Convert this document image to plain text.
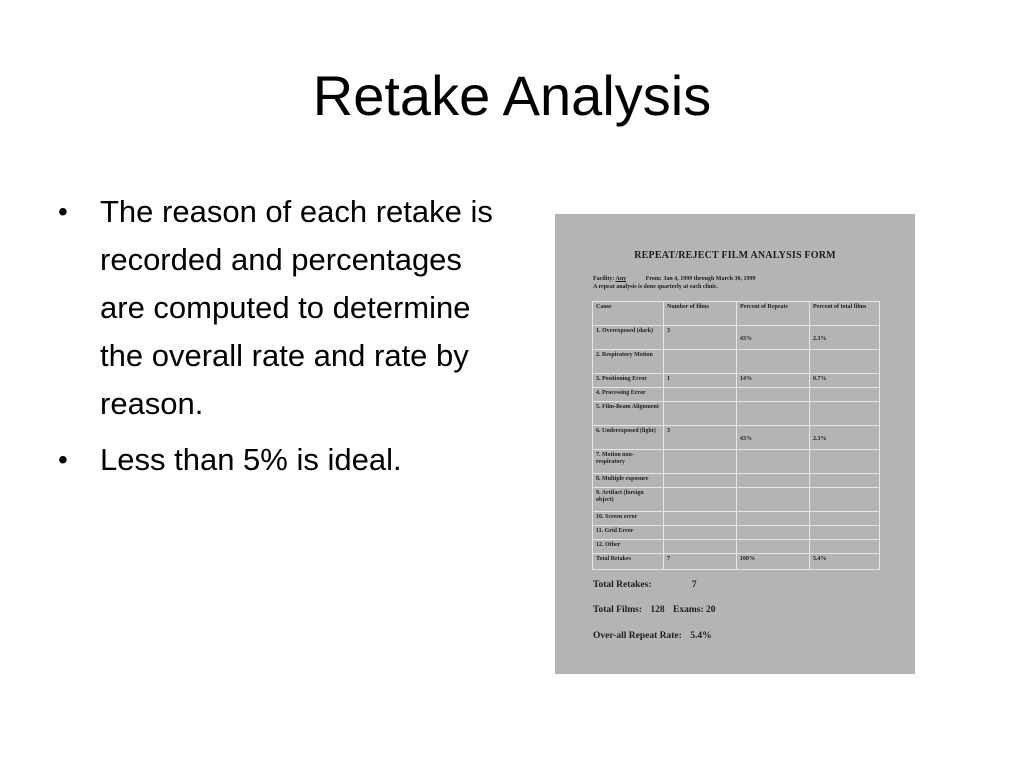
Retake Analysis
• The reason of each retake is recorded and percentages are computed to determine the overall rate and rate by reason.
• Less than 5% is ideal.
REPEAT/REJECT FILM ANALYSIS FORM
Facility: Any	From: Jan 4, 1999 through March 30, 1999
A repeat analysis is done quarterly at each clinic.
Cause	Number of films	Percent of Repeats	Percent of total films
1. Overexposed (dark)	3	43%	2.3%
2. Respiratory Motion			
3. Positioning Error	1	14%	0.7%
4. Processing Error			
5. Film-Beam Alignment			
6. Underexposed (light)	3	43%	2.3%
7. Motion non-respiratory			
8. Multiple exposure			
9. Artifact (foreign object)			
10. Screen error			
11. Grid Error			
12. Other			
Total Retakes	7	100%	5.4%
Total Retakes:	7
Total Films: 128 Exams: 20
Over-all Repeat Rate: 5.4%
